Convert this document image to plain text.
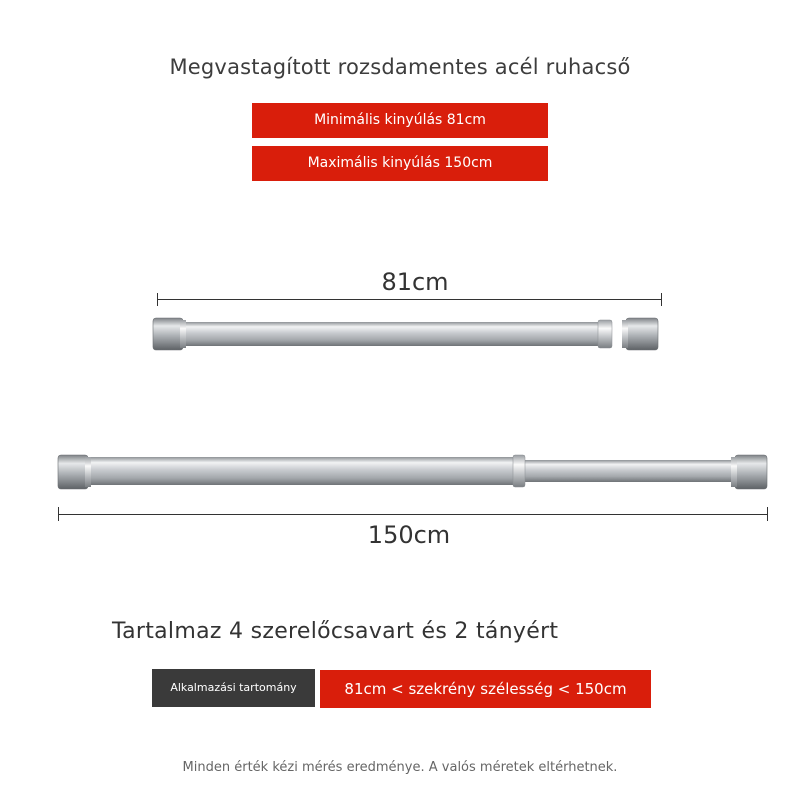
Megvastagított rozsdamentes acél ruhacső
Minimális kinyúlás 81cm
Maximális kinyúlás 150cm
81cm
150cm
Tartalmaz 4 szerelőcsavart és 2 tányért
Alkalmazási tartomány	81cm < szekrény szélesség < 150cm
Minden érték kézi mérés eredménye. A valós méretek eltérhetnek.
